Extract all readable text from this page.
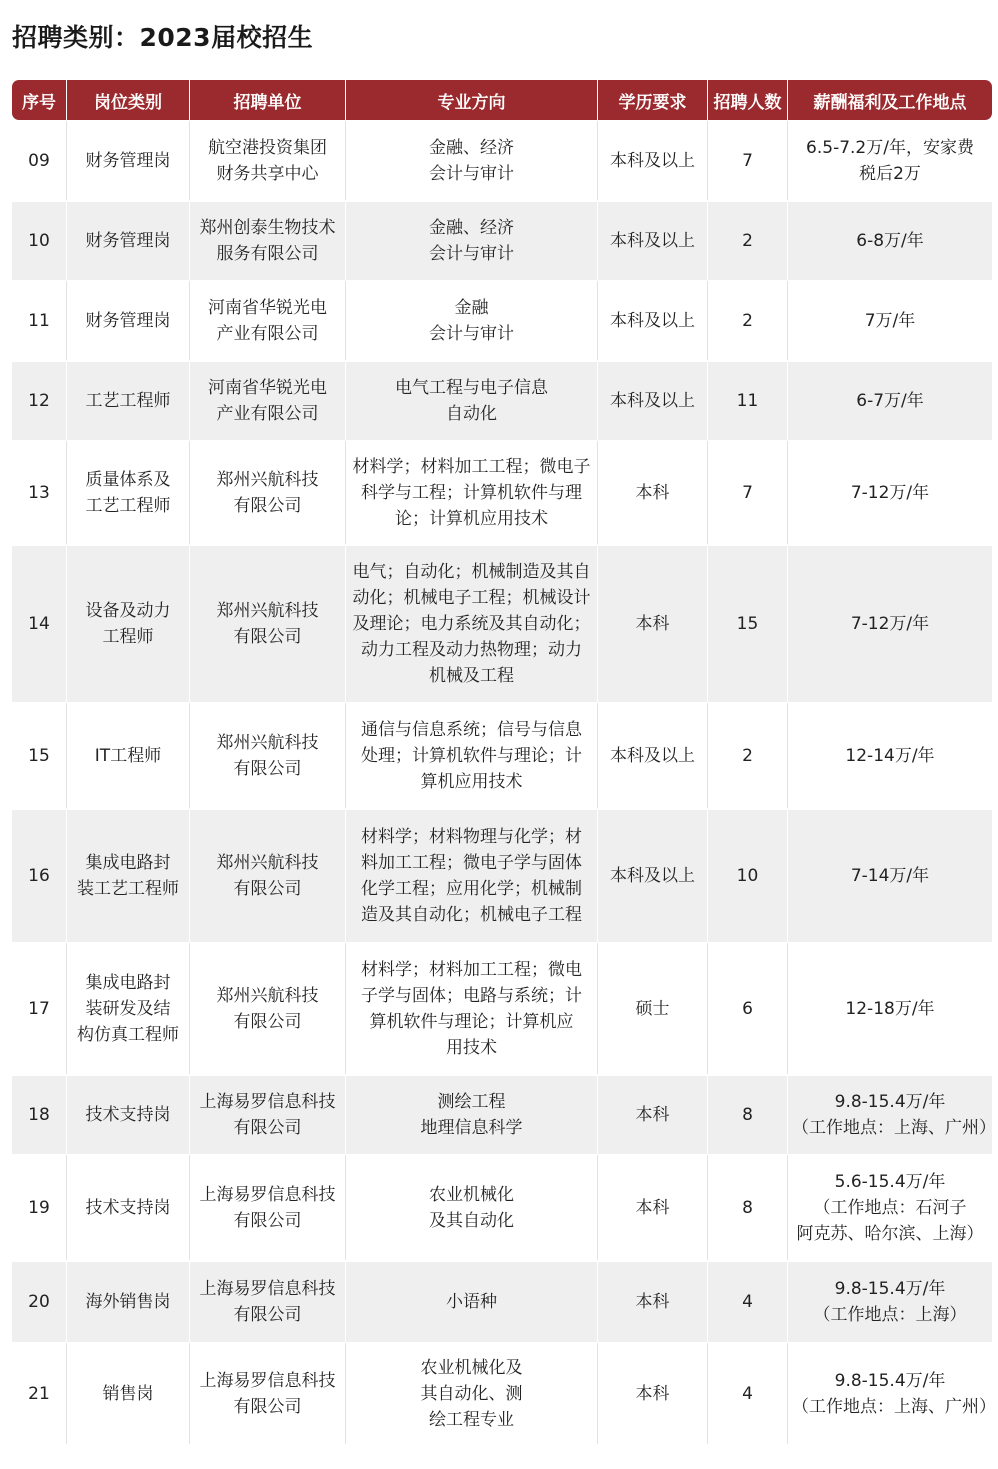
招聘类别：2023届校招生
序号	岗位类别	招聘单位	专业方向	学历要求	招聘人数	薪酬福利及工作地点
09	财务管理岗	航空港投资集团
财务共享中心	金融、经济
会计与审计	本科及以上	7	6.5-7.2万/年，安家费
税后2万
10	财务管理岗	郑州创泰生物技术
服务有限公司	金融、经济
会计与审计	本科及以上	2	6-8万/年
11	财务管理岗	河南省华锐光电
产业有限公司	金融
会计与审计	本科及以上	2	7万/年
12	工艺工程师	河南省华锐光电
产业有限公司	电气工程与电子信息
自动化	本科及以上	11	6-7万/年
13	质量体系及
工艺工程师	郑州兴航科技
有限公司	材料学；材料加工工程；微电子
科学与工程；计算机软件与理
论；计算机应用技术	本科	7	7-12万/年
14	设备及动力
工程师	郑州兴航科技
有限公司	电气；自动化；机械制造及其自
动化；机械电子工程；机械设计
及理论；电力系统及其自动化；
动力工程及动力热物理；动力
机械及工程	本科	15	7-12万/年
15	IT工程师	郑州兴航科技
有限公司	通信与信息系统；信号与信息
处理；计算机软件与理论；计
算机应用技术	本科及以上	2	12-14万/年
16	集成电路封
装工艺工程师	郑州兴航科技
有限公司	材料学；材料物理与化学；材
料加工工程；微电子学与固体
化学工程；应用化学；机械制
造及其自动化；机械电子工程	本科及以上	10	7-14万/年
17	集成电路封
装研发及结
构仿真工程师	郑州兴航科技
有限公司	材料学；材料加工工程；微电
子学与固体；电路与系统；计
算机软件与理论；计算机应
用技术	硕士	6	12-18万/年
18	技术支持岗	上海易罗信息科技
有限公司	测绘工程
地理信息科学	本科	8	9.8-15.4万/年
（工作地点：上海、广州）
19	技术支持岗	上海易罗信息科技
有限公司	农业机械化
及其自动化	本科	8	5.6-15.4万/年
（工作地点：石河子
阿克苏、哈尔滨、上海）
20	海外销售岗	上海易罗信息科技
有限公司	小语种	本科	4	9.8-15.4万/年
（工作地点：上海）
21	销售岗	上海易罗信息科技
有限公司	农业机械化及
其自动化、测
绘工程专业	本科	4	9.8-15.4万/年
（工作地点：上海、广州）
